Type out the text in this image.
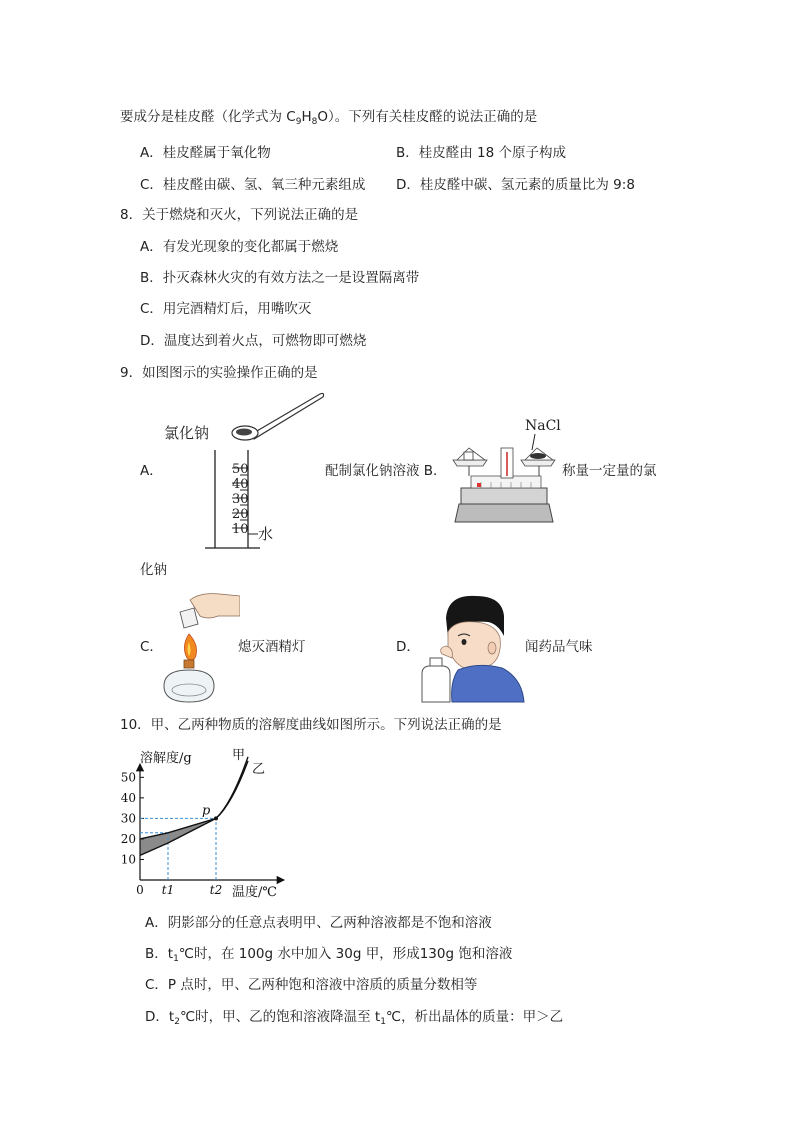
要成分是桂皮醛（化学式为 $C_9H_8O$）。下列有关桂皮醛的说法正确的是
A．桂皮醛属于氧化物	B．桂皮醛由 18 个原子构成
C．桂皮醛由碳、氢、氧三种元素组成 D．桂皮醛中碳、氢元素的质量比为 9:8
8．关于燃烧和灭火，下列说法正确的是
A．有发光现象的变化都属于燃烧
B．扑灭森林火灾的有效方法之一是设置隔离带
C．用完酒精灯后，用嘴吹灭
D．温度达到着火点，可燃物即可燃烧
9．如图图示的实验操作正确的是
A．
氯化钠
50
40
30
20
10 水
配制氯化钠溶液 B．
NaCl
称量一定量的氯
化钠
C．	熄灭酒精灯	D．	闻药品气味
10．甲、乙两种物质的溶解度曲线如图所示。下列说法正确的是
溶解度/g
温度/℃
50
40
30
20
10
0 t1	t2
甲
乙
p
A．阴影部分的任意点表明甲、乙两种溶液都是不饱和溶液
B．$t_1℃$时，在 100g 水中加入 30g 甲，形成130g 饱和溶液
C．P 点时，甲、乙两种饱和溶液中溶质的质量分数相等
D．$t_2℃$时，甲、乙的饱和溶液降温至 $t_1℃$，析出晶体的质量：甲＞乙
